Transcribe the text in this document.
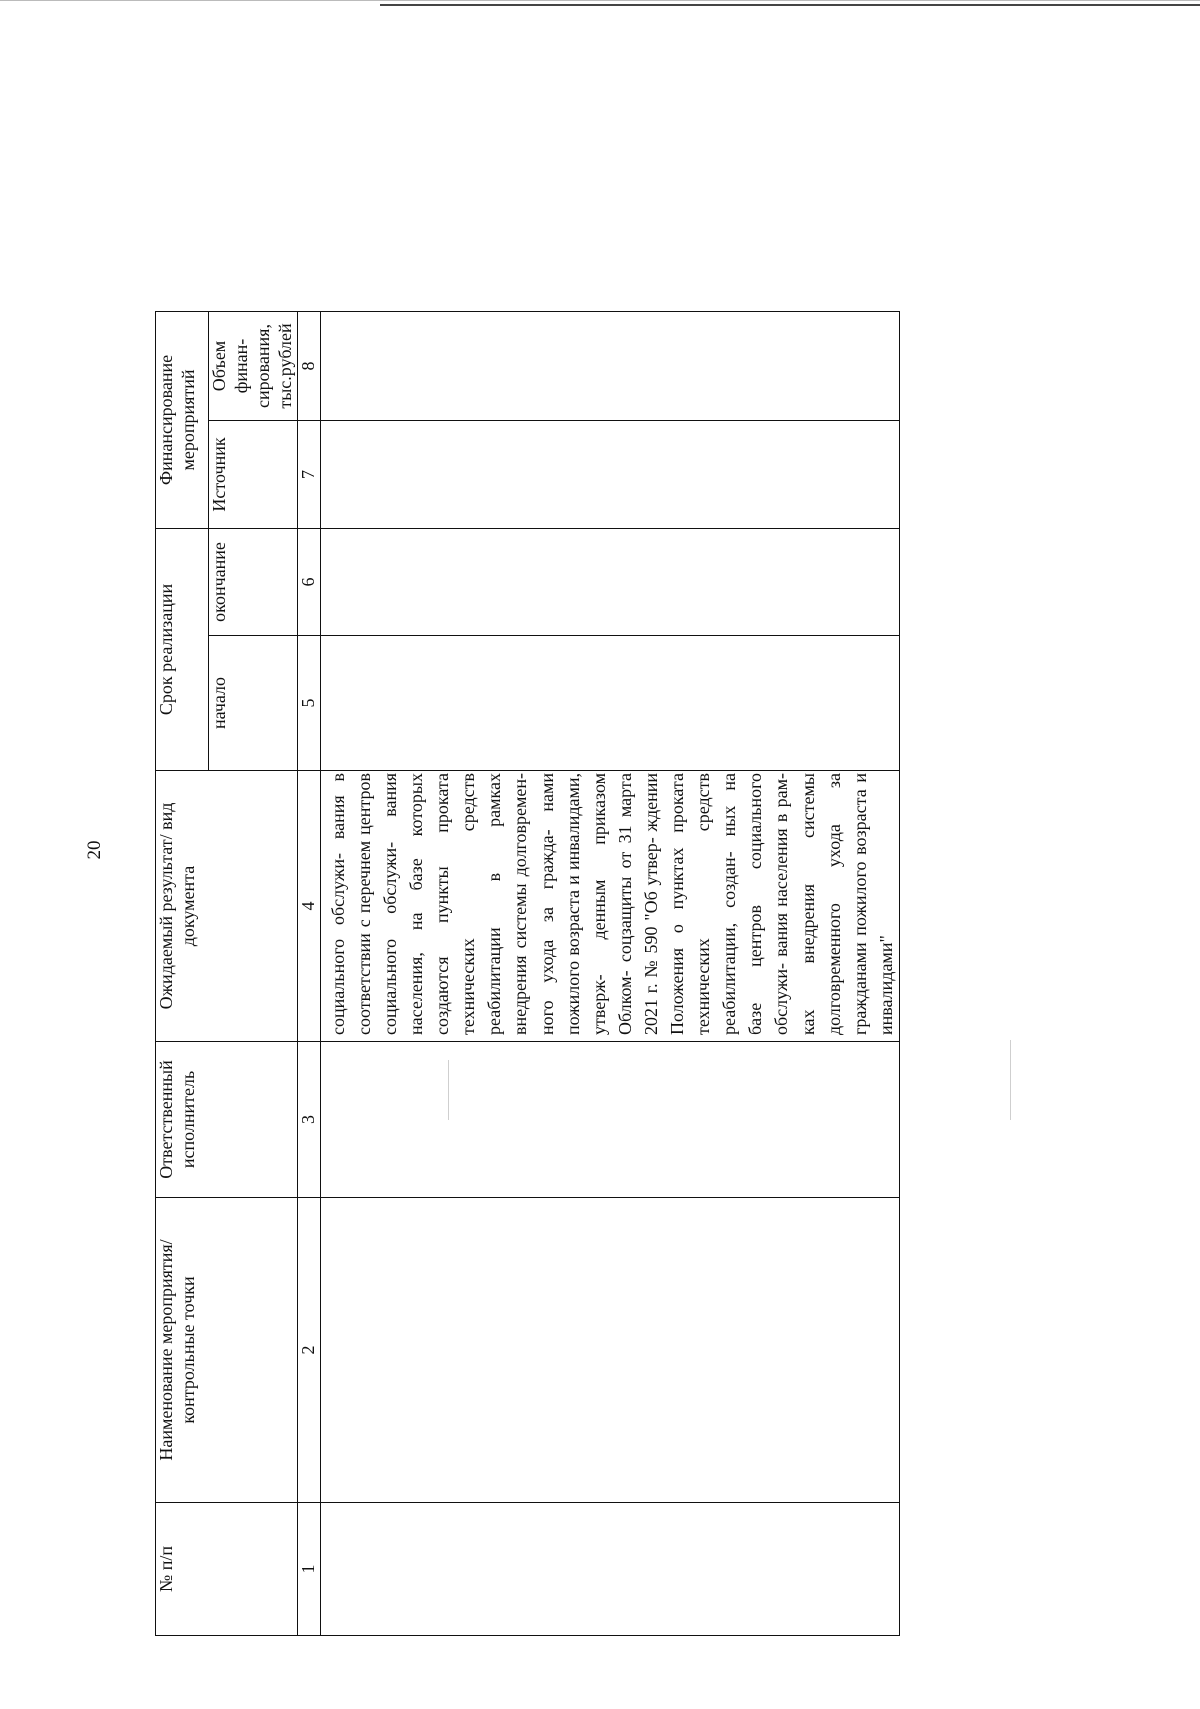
20
№ п/п	Наименование мероприятия/ контрольные точки	Ответственный исполнитель	Ожидаемый результат/ вид документа	Срок реализации		Финансирование мероприятий	
				начало	окончание	Источник	Объем финан- сирования, тыс.рублей
1	2	3	4	5	6	7	8

			социального обслужи- вания в соответствии с перечнем центров социального обслужи- вания населения, на базе которых создаются пункты проката технических средств реабилитации в рамках внедрения системы долговремен- ного ухода за гражда- нами пожилого возраста и инвалидами, утверж- денным приказом Облком- соцзащиты от 31 марта 2021 г. № 590 "Об утвер- ждении Положения о пунктах проката технических средств реабилитации, создан- ных на базе центров социального обслужи- вания населения в рам- ках внедрения системы долговременного ухода за гражданами пожилого возраста и инвалидами"				
